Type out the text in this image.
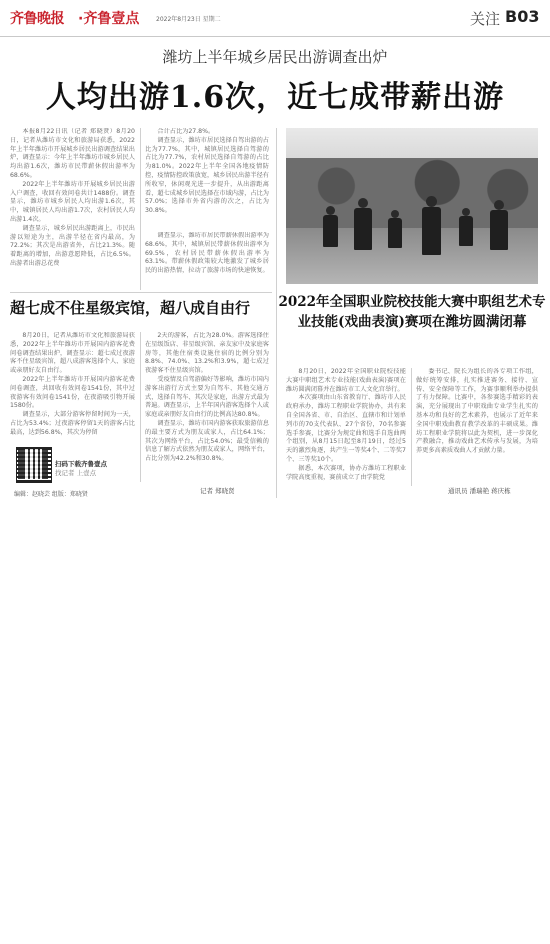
齐鲁晚报 ·齐鲁壹点	2022年8月23日 星期二	关注 B03
潍坊上半年城乡居民出游调查出炉
人均出游1.6次，近七成带薪出游

本报8月22日讯（记者 郑晓贤）8月20日，记者从潍坊市文化和旅游局获悉，2022年上半年潍坊市开展城乡居民出游调查结果出炉，调查显示：今年上半年潍坊市城乡居民人均出游1.6次，潍坊市民带薪休假出游率为68.6%。

2022年上半年潍坊市开展城乡居民出游入户调查，收回有效问卷共计1488份。调查显示，潍坊市城乡居民人均出游1.6次，其中，城镇居民人均出游1.7次，农村居民人均出游1.4次。

调查显示，城乡居民出游距离上，市民出游以短途为主，出游半径在省内最高，为72.2%；其次是出游省外，占比21.3%。随着距离的增加，出游意愿降低，占比6.5%。出游者出游总花费

合计占比为27.8%。

调查显示，潍坊市居民选择自驾出游的占比为77.7%，其中，城镇居民选择自驾游的占比为77.7%，农村居民选择自驾游的占比为81.0%。2022年上半年全国各地疫情防控，疫情防控政策放宽，城乡居民出游半径有所收窄，休闲观光进一步提升，从出游距离看，超七成城乡居民选择在市域内游，占比为57.0%；选择市外省内游的次之，占比为30.8%。

调查显示，潍坊市居民带薪休假出游率为68.6%，其中，城镇居民带薪休假出游率为69.5%，农村居民带薪休假出游率为63.1%。带薪休假政策较大地激发了城乡居民的出游热情，拉动了旅游市场的快速恢复。

超七成不住星级宾馆，超八成自由行

8月20日，记者从潍坊市文化和旅游局获悉，2022年上半年潍坊市开展国内游客花费问卷调查结果出炉，调查显示：超七成过夜游客不住星级宾馆，超八成游客选择个人、家庭或亲朋好友自由行。

2022年上半年潍坊市开展国内游客花费问卷调查，共回收有效问卷1541份，其中过夜游客有效问卷1541份，在夜游吸引物开展1580份。

调查显示，大部分游客停留时间为一天，占比为53.4%；过夜游客停留1天的游客占比最高，达到56.8%，其次为停留

2天的游客，占比为28.0%。游客选择住在星级饭店、非星级宾馆、亲友家中及家庭客房等，其他住宿类设施住宿的比例分别为8.8%、74.0%、13.2%和3.9%，超七成过夜游客不住星级宾馆。

受疫情及自驾游偏好等影响，潍坊市国内游客出游行方式主要为自驾车、其他交通方式，选择自驾车、其次是家庭，出游方式最为普遍。调查显示，上半年国内游客选择个人或家庭或亲朋好友自由行的比例高达80.8%。

调查显示，潍坊市国内游客获取旅游信息的最主要方式为朋友或家人，占比64.1%；其次为网络平台，占比54.0%；最受信赖的信息了解方式依然为朋友或家人，网络平台，占比分别为42.2%和30.8%。

记者 郑晓贤
扫码下载齐鲁壹点
找记者 上壹点
编辑：赵晓芸 组版：郑晓贤
2022年全国职业院校技能大赛中职组艺术专业技能(戏曲表演)赛项在潍坊圆满闭幕

8月20日，2022年全国职业院校技能大赛中职组艺术专业技能(戏曲表演)赛项在潍坊圆满闭幕并在潍坊市工人文化宫举行。

本次赛项由山东省教育厅、潍坊市人民政府承办，潍坊工程职业学院协办，共有来自全国各省、市、自治区、直辖市和计划单列市的70支代表队、27个省份，70名参赛选手参赛，比赛分为规定曲和选手自选曲两个组别，从8月15日起至8月19日，经过5天的激烈角逐，共产生一等奖4个、二等奖7个、三等奖10个。

据悉，本次赛项，协办方潍坊工程职业学院高度重视，赛前成立了由学院党

委书记、院长为组长的各专项工作组，做好统筹安排，扎实推进赛务、接待、宣传、安全保障等工作，为赛事顺利举办提供了有力保障。比赛中，各参赛选手精彩的表演，充分展现出了中职戏曲专业学生扎实的基本功和良好的艺术素养，也展示了近年来全国中职戏曲教育教学改革的丰硕成果。潍坊工程职业学院将以此为契机，进一步深化产教融合，推动戏曲艺术传承与发展，为培养更多高素质戏曲人才贡献力量。

通讯员 潘瑞艳 蒋庆栋
